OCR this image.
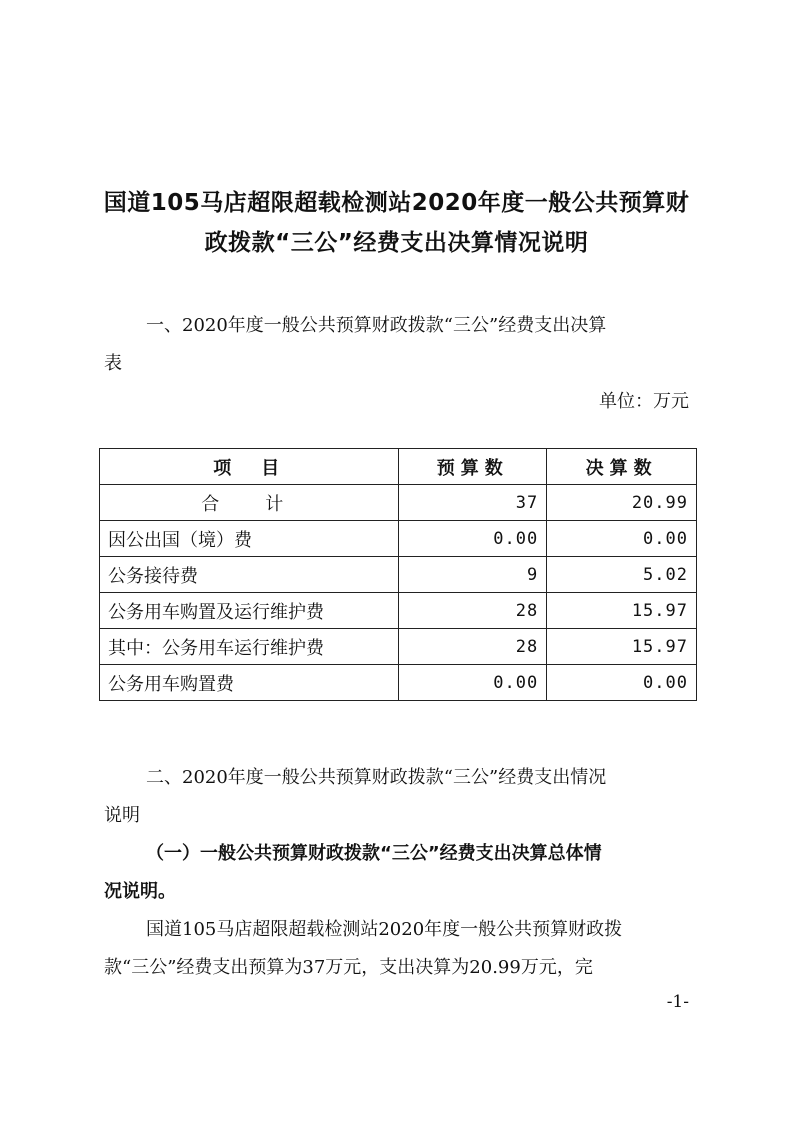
国道105马店超限超载检测站2020年度一般公共预算财
政拨款“三公”经费支出决算情况说明
一、2020年度一般公共预算财政拨款“三公”经费支出决算
表
单位：万元
项　目	预算数	决算数
合　计	37	20.99
因公出国（境）费	0.00	0.00
公务接待费	9	5.02
公务用车购置及运行维护费	28	15.97
其中：公务用车运行维护费	28	15.97
公务用车购置费	0.00	0.00
二、2020年度一般公共预算财政拨款“三公”经费支出情况
说明
（一）一般公共预算财政拨款“三公”经费支出决算总体情
况说明。
国道105马店超限超载检测站2020年度一般公共预算财政拨
款“三公”经费支出预算为37万元，支出决算为20.99万元，完
-1-
